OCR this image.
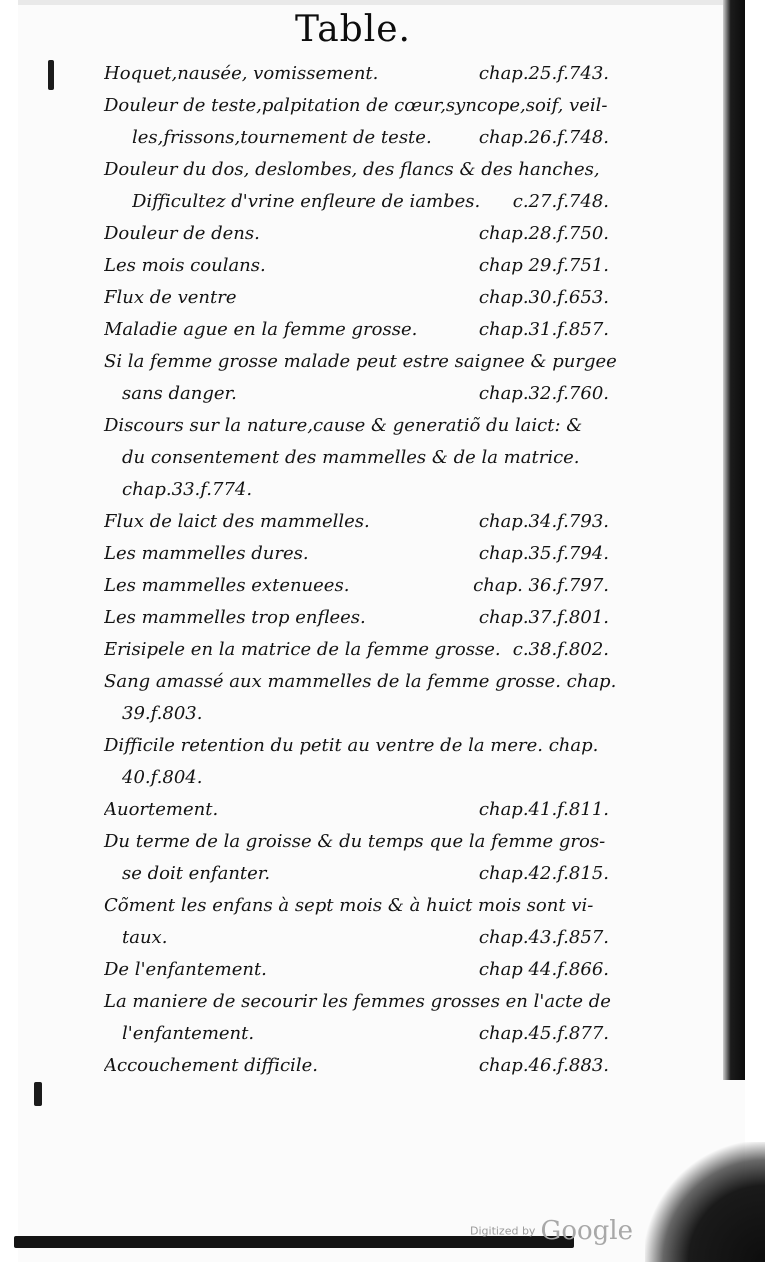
Table.
Hoquet,nausée, vomissement.	chap.25.f.743.
Douleur de teste,palpitation de cœur,syncope,soif, veil-
les,frissons,tournement de teste.	chap.26.f.748.
Douleur du dos, deslombes, des flancs & des hanches,
Difficultez d'vrine enfleure de iambes.	c.27.f.748.
Douleur de dens.	chap.28.f.750.
Les mois coulans.	chap 29.f.751.
Flux de ventre	chap.30.f.653.
Maladie ague en la femme grosse.	chap.31.f.857.
Si la femme grosse malade peut estre saignee & purgee
sans danger.	chap.32.f.760.
Discours sur la nature,cause & generatiõ du laict: &
du consentement des mammelles & de la matrice.
chap.33.f.774.
Flux de laict des mammelles.	chap.34.f.793.
Les mammelles dures.	chap.35.f.794.
Les mammelles extenuees.	chap. 36.f.797.
Les mammelles trop enflees.	chap.37.f.801.
Erisipele en la matrice de la femme grosse. c.38.f.802.
Sang amassé aux mammelles de la femme grosse. chap.
39.f.803.
Difficile retention du petit au ventre de la mere. chap.
40.f.804.
Auortement.	chap.41.f.811.
Du terme de la groisse & du temps que la femme gros-
se doit enfanter.	chap.42.f.815.
Cõment les enfans à sept mois & à huict mois sont vi-
taux.	chap.43.f.857.
De l'enfantement.	chap 44.f.866.
La maniere de secourir les femmes grosses en l'acte de
l'enfantement.	chap.45.f.877.
Accouchement difficile.	chap.46.f.883.
Digitized by Google
